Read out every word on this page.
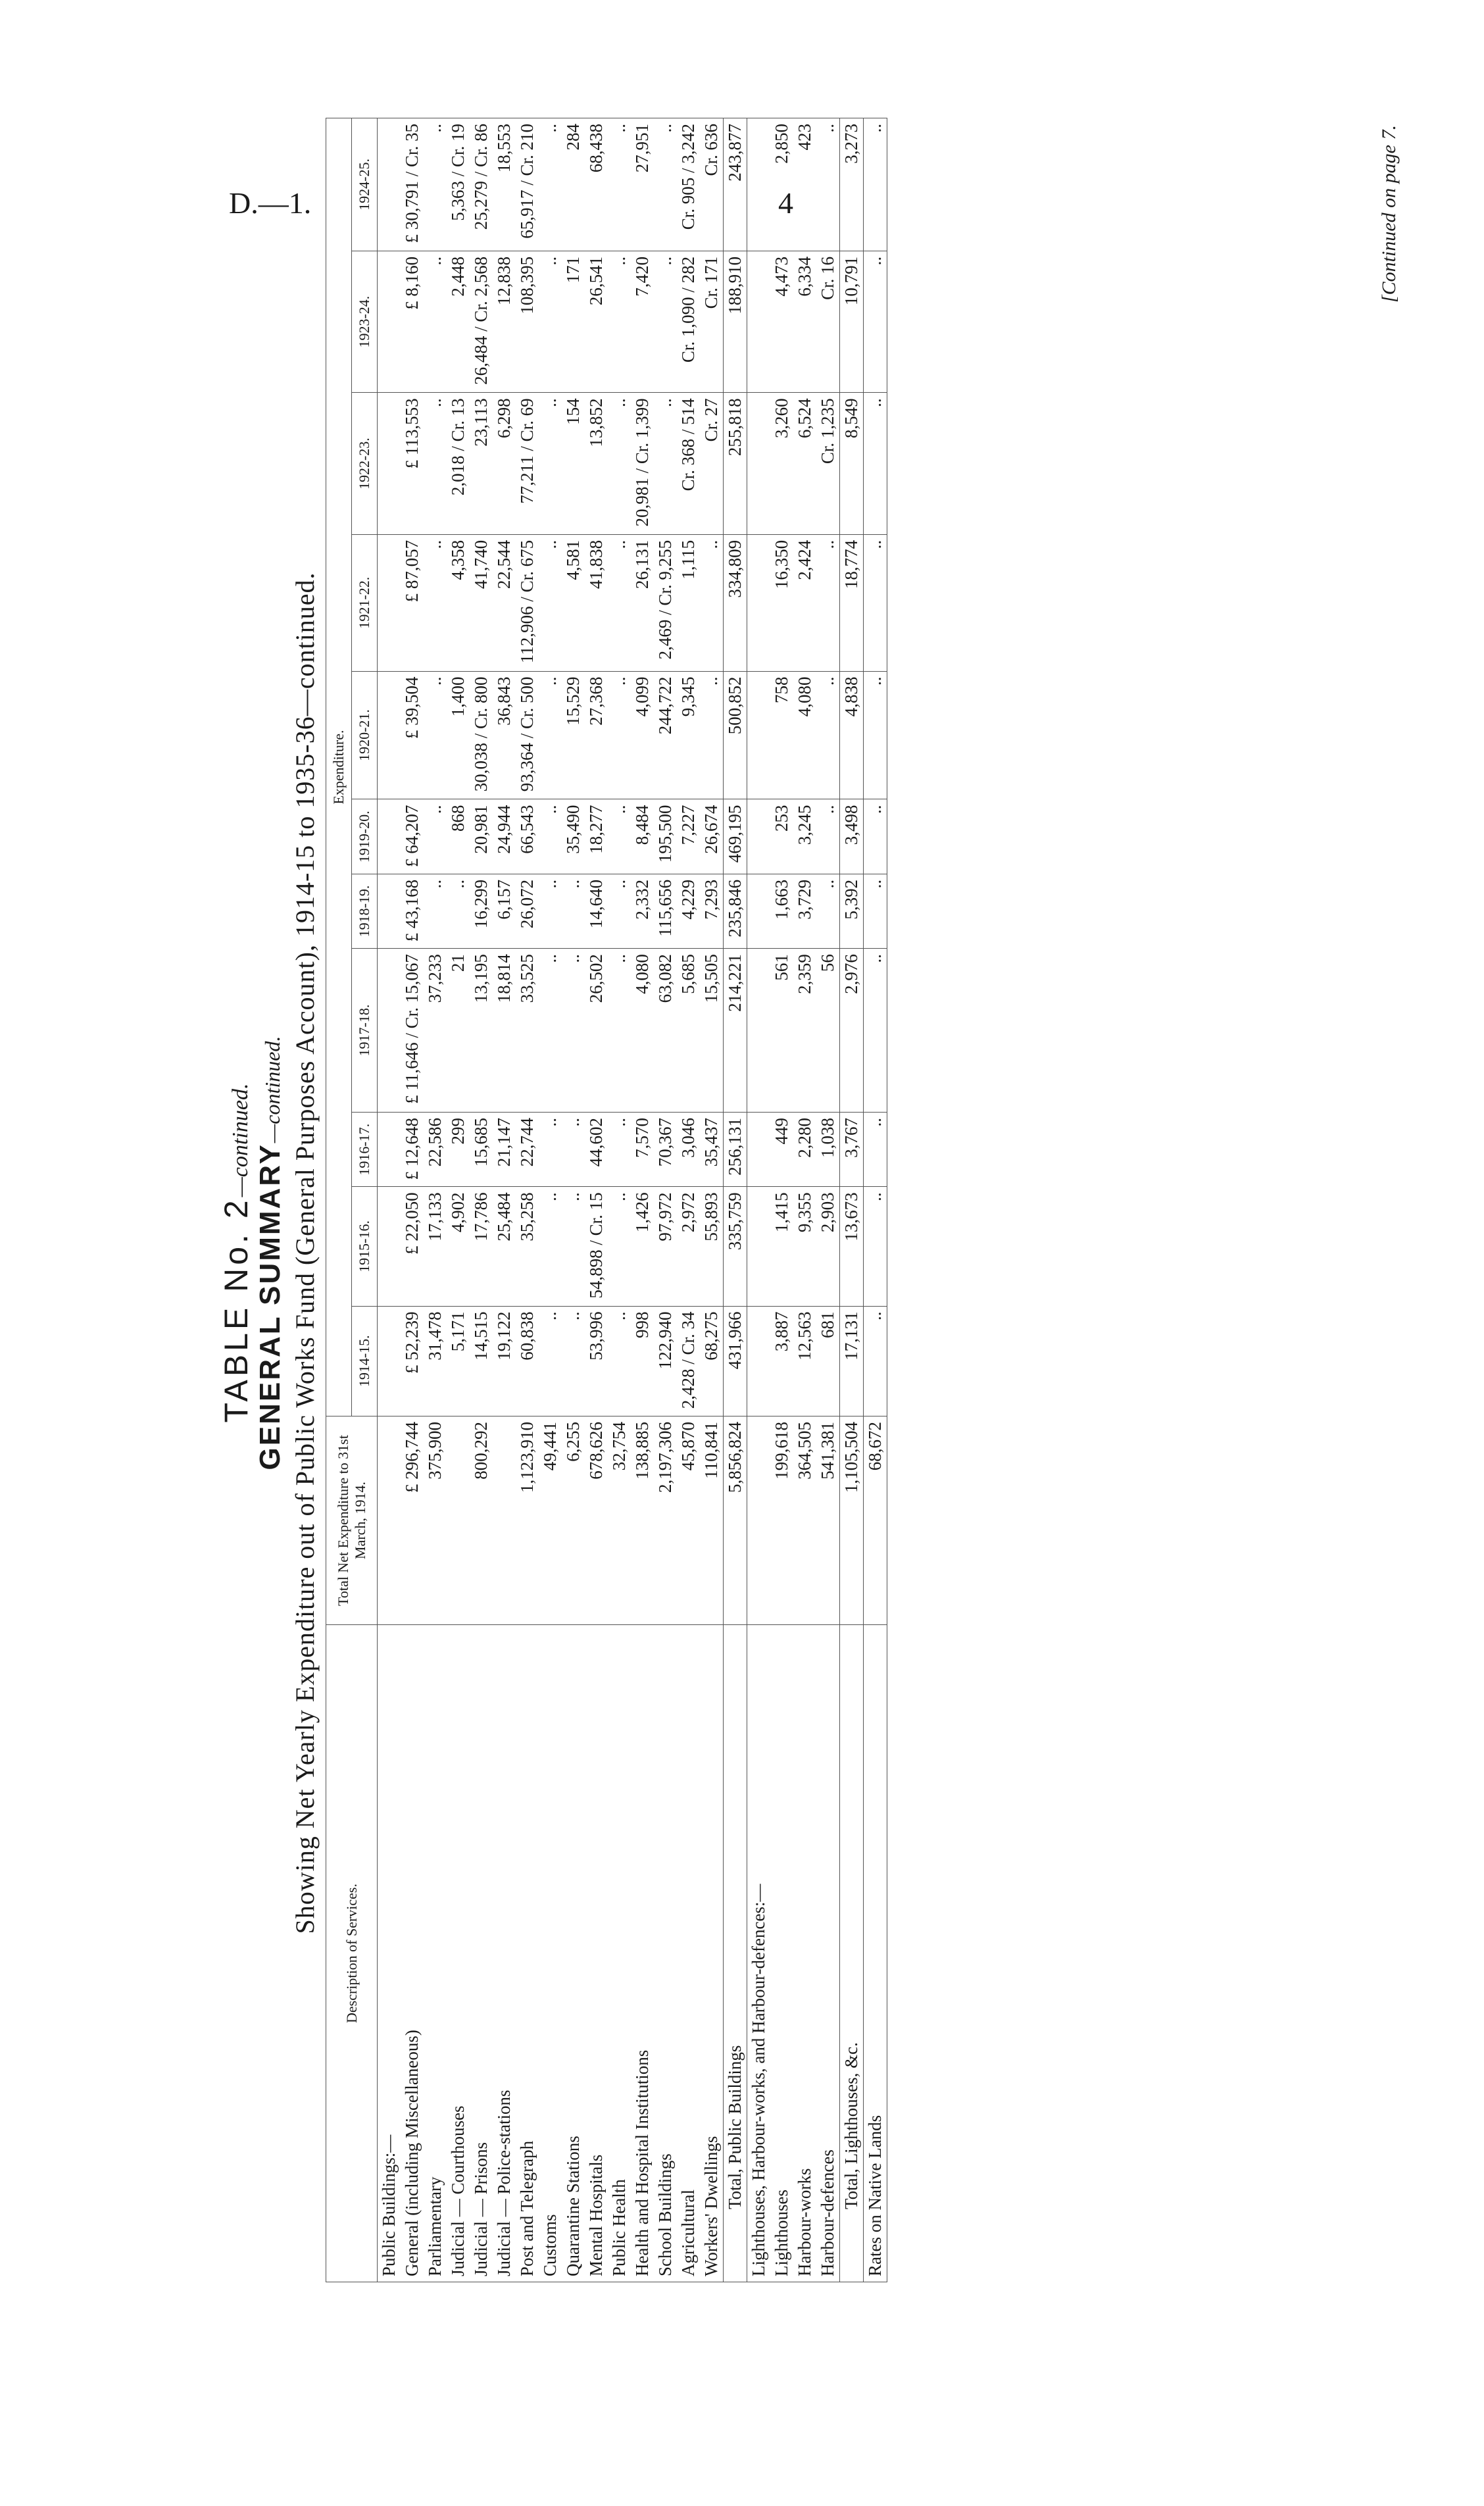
D.—1.	4
TABLE No. 2—continued.
GENERAL SUMMARY—continued. Showing Net Yearly Expenditure out of Public Works Fund (General Purposes Account), 1914-15 to 1935-36—continued.
Description of Services.	Total Net Expenditure to 31st March, 1914.	Expenditure.										
		1914-15.	1915-16.	1916-17.	1917-18.	1918-19.	1919-20.	1920-21.	1921-22.	1922-23.	1923-24.	1924-25.
Public Buildings:—												
General (including Miscellaneous)	£ 296,744	£ 52,239	£ 22,050	£ 12,648	£ 11,646 / Cr. 15,067	£ 43,168	£ 64,207	£ 39,504	£ 87,057	£ 113,553	£ 8,160	£ 30,791 / Cr. 35
Parliamentary	375,900	31,478	17,133	22,586	37,233	..	..	..	..	..	..	..
Judicial — Courthouses		5,171	4,902	299	21	..	868	1,400	4,358	2,018 / Cr. 13	2,448	5,363 / Cr. 19
Judicial — Prisons	800,292	14,515	17,786	15,685	13,195	16,299	20,981	30,038 / Cr. 800	41,740	23,113	26,484 / Cr. 2,568	25,279 / Cr. 86
Judicial — Police-stations		19,122	25,484	21,147	18,814	6,157	24,944	36,843	22,544	6,298	12,838	18,553
Post and Telegraph	1,123,910	60,838	35,258	22,744	33,525	26,072	66,543	93,364 / Cr. 500	112,906 / Cr. 675	77,211 / Cr. 69	108,395	65,917 / Cr. 210
Customs	49,441	..	..	..	..	..	..	..	..	..	..	..
Quarantine Stations	6,255	..	..	..	..	..	35,490	15,529	4,581	154	171	284
Mental Hospitals	678,626	53,996	54,898 / Cr. 15	44,602	26,502	14,640	18,277	27,368	41,838	13,852	26,541	68,438
Public Health	32,754	..	..	..	..	..	..	..	..	..	..	..
Health and Hospital Institutions	138,885	998	1,426	7,570	4,080	2,332	8,484	4,099	26,131	20,981 / Cr. 1,399	7,420	27,951
School Buildings	2,197,306	122,940	97,972	70,367	63,082	115,656	195,500	244,722	2,469 / Cr. 9,255	..	..	..
Agricultural	45,870	2,428 / Cr. 34	2,972	3,046	5,685	4,229	7,227	9,345	1,115	Cr. 368 / 514	Cr. 1,090 / 282	Cr. 905 / 3,242
Workers' Dwellings	110,841	68,275	55,893	35,437	15,505	7,293	26,674	..	..	Cr. 27	Cr. 171	Cr. 636
Total, Public Buildings	5,856,824	431,966	335,759	256,131	214,221	235,846	469,195	500,852	334,809	255,818	188,910	243,877
Lighthouses, Harbour-works, and Harbour-defences:—												
Lighthouses	199,618	3,887	1,415	449	561	1,663	253	758	16,350	3,260	4,473	2,850
Harbour-works	364,505	12,563	9,355	2,280	2,359	3,729	3,245	4,080	2,424	6,524	6,334	423
Harbour-defences	541,381	681	2,903	1,038	56	..	..	..	..	Cr. 1,235	Cr. 16	..
Total, Lighthouses, &c.	1,105,504	17,131	13,673	3,767	2,976	5,392	3,498	4,838	18,774	8,549	10,791	3,273
Rates on Native Lands	68,672	..	..	..	..	..	..	..	..	..	..	..	[Continued on page 7.
